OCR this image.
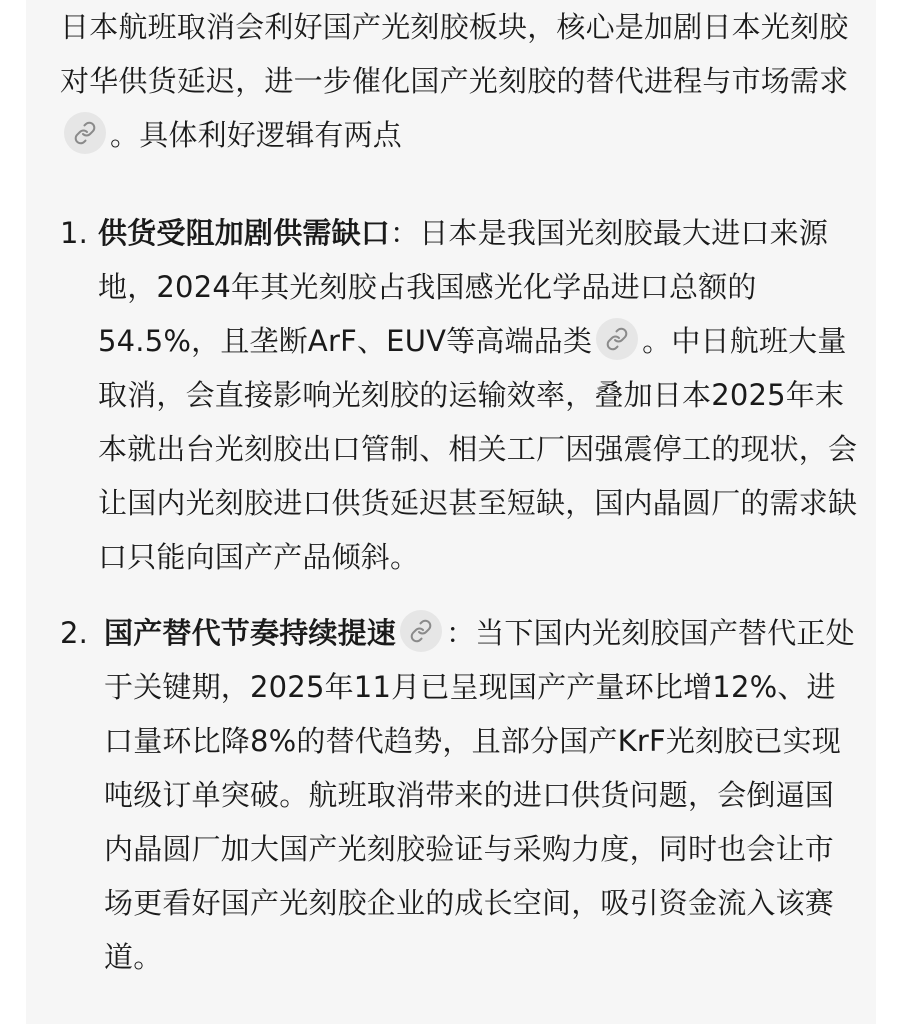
日本航班取消会利好国产光刻胶板块，核心是加剧日本光刻胶对华供货延迟，进一步催化国产光刻胶的替代进程与市场需求
。具体利好逻辑有两点

1. 供货受阻加剧供需缺口：日本是我国光刻胶最大进口来源地，2024年其光刻胶占我国感光化学品进口总额的54.5%，且垄断ArF、EUV等高端品类 。中日航班大量取消，会直接影响光刻胶的运输效率，叠加日本2025年末本就出台光刻胶出口管制、相关工厂因强震停工的现状，会让国内光刻胶进口供货延迟甚至短缺，国内晶圆厂的需求缺口只能向国产产品倾斜。
2. 国产替代节奏持续提速 ：当下国内光刻胶国产替代正处于关键期，2025年11月已呈现国产产量环比增12%、进口量环比降8%的替代趋势，且部分国产KrF光刻胶已实现吨级订单突破。航班取消带来的进口供货问题，会倒逼国内晶圆厂加大国产光刻胶验证与采购力度，同时也会让市场更看好国产光刻胶企业的成长空间，吸引资金流入该赛道。
